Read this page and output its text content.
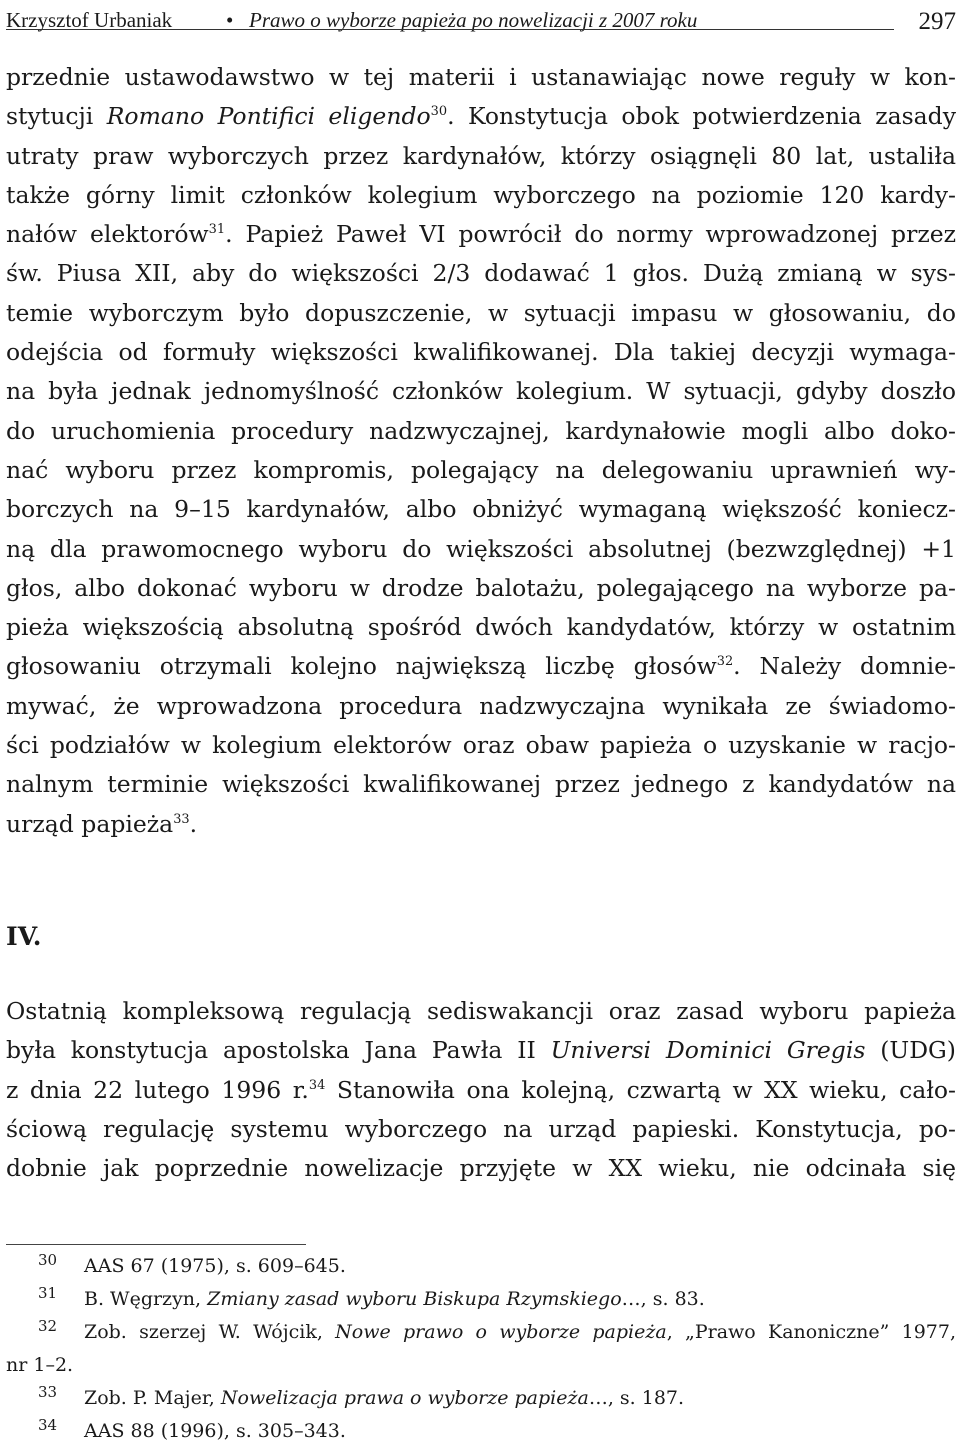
Krzysztof Urbaniak	• Prawo o wyborze papieża po nowelizacji z 2007 roku	297
przednie ustawodawstwo w tej materii i ustanawiając nowe reguły w kon-
stytucji Romano Pontifici eligendo$^{30}$. Konstytucja obok potwierdzenia zasady
utraty praw wyborczych przez kardynałów, którzy osiągnęli 80 lat, ustaliła
także górny limit członków kolegium wyborczego na poziomie 120 kardy-
nałów elektorów$^{31}$. Papież Paweł VI powrócił do normy wprowadzonej przez
św. Piusa XII, aby do większości 2/3 dodawać 1 głos. Dużą zmianą w sys-
temie wyborczym było dopuszczenie, w sytuacji impasu w głosowaniu, do
odejścia od formuły większości kwalifikowanej. Dla takiej decyzji wymaga-
na była jednak jednomyślność członków kolegium. W sytuacji, gdyby doszło
do uruchomienia procedury nadzwyczajnej, kardynałowie mogli albo doko-
nać wyboru przez kompromis, polegający na delegowaniu uprawnień wy-
borczych na 9–15 kardynałów, albo obniżyć wymaganą większość koniecz-
ną dla prawomocnego wyboru do większości absolutnej (bezwzględnej) +1
głos, albo dokonać wyboru w drodze balotażu, polegającego na wyborze pa-
pieża większością absolutną spośród dwóch kandydatów, którzy w ostatnim
głosowaniu otrzymali kolejno największą liczbę głosów$^{32}$. Należy domnie-
mywać, że wprowadzona procedura nadzwyczajna wynikała ze świadomo-
ści podziałów w kolegium elektorów oraz obaw papieża o uzyskanie w racjo-
nalnym terminie większości kwalifikowanej przez jednego z kandydatów na
urząd papieża$^{33}$.
IV.
Ostatnią kompleksową regulacją sediswakancji oraz zasad wyboru papieża
była konstytucja apostolska Jana Pawła II Universi Dominici Gregis (UDG)
z dnia 22 lutego 1996 r.$^{34}$ Stanowiła ona kolejną, czwartą w XX wieku, cało-
ściową regulację systemu wyborczego na urząd papieski. Konstytucja, po-
dobnie jak poprzednie nowelizacje przyjęte w XX wieku, nie odcinała się
30 AAS 67 (1975), s. 609–645.
31 B. Węgrzyn, Zmiany zasad wyboru Biskupa Rzymskiego…, s. 83.
32 Zob. szerzej W. Wójcik, Nowe prawo o wyborze papieża, „Prawo Kanoniczne” 1977,
nr 1–2.
33 Zob. P. Majer, Nowelizacja prawa o wyborze papieża…, s. 187.
34 AAS 88 (1996), s. 305–343.
